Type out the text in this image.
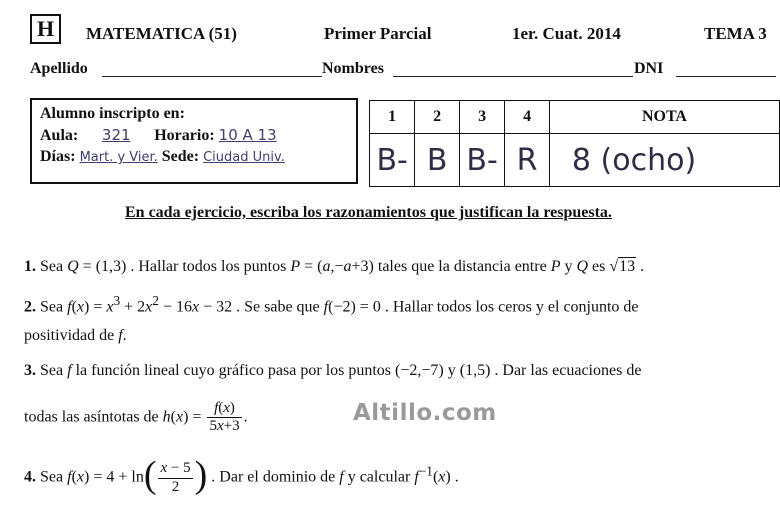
H	MATEMATICA (51)	Primer Parcial	1er. Cuat. 2014	TEMA 3
Apellido	Nombres	DNI
Alumno inscripto en:
Aula: 321 Horario: 10 A 13
Días: Mart. y Vier. Sede: Ciudad Univ.
1	2	3	4	NOTA
B-	B	B-	R	8 (ocho)
En cada ejercicio, escriba los razonamientos que justifican la respuesta.
1. Sea Q = (1,3) . Hallar todos los puntos P = (a,−a+3) tales que la distancia entre P y Q es √13 .
2. Sea $f(x) = x^3 + 2x^2 - 16x - 32$ . Se sabe que f(−2) = 0 . Hallar todos los ceros y el conjunto de
positividad de f.
3. Sea f la función lineal cuyo gráfico pasa por los puntos (−2,−7) y (1,5) . Dar las ecuaciones de
todas las asíntotas de $h(x) = \frac{f(x)}{5x+3}$ .	Altillo.com
4. Sea $f(x) = 4 + \ln( \frac{x - 5}{2}$ ) . Dar el dominio de f y calcular $f^{-1}(x)$ .
